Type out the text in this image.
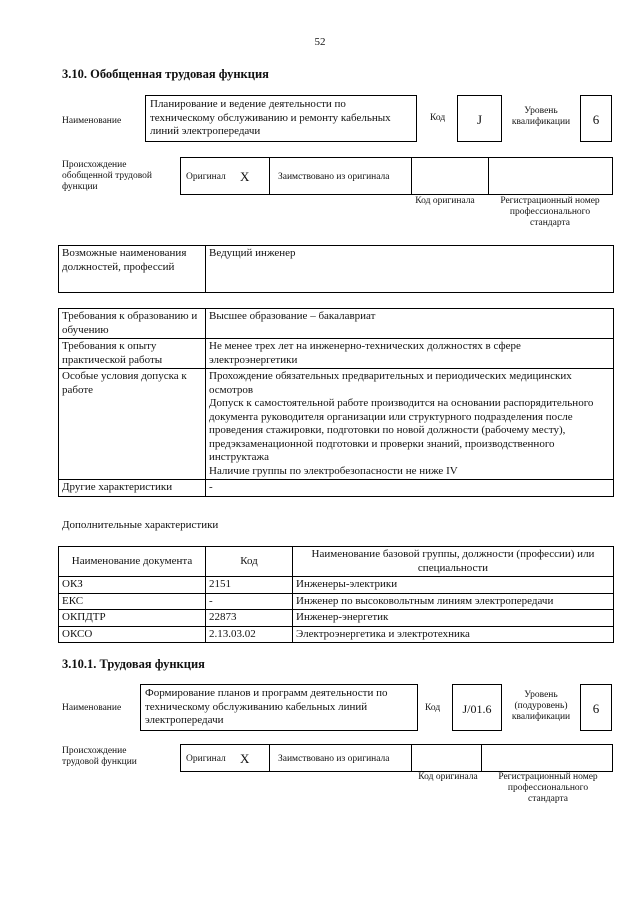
52
3.10. Обобщенная трудовая функция
Наименование
Планирование и ведение деятельности по техническому обслуживанию и ремонту кабельных линий электропередачи
Код	J
Уровень квалификации	6
Происхождение обобщенной трудовой функции
Оригинал X	Заимствовано из оригинала
Код оригинала	Регистрационный номер профессионального стандарта
Возможные наименования должностей, профессий	Ведущий инженер
Требования к образованию и обучению	Высшее образование – бакалавриат
Требования к опыту практической работы	Не менее трех лет на инженерно-технических должностях в сфере электроэнергетики
Особые условия допуска к работе	Прохождение обязательных предварительных и периодических медицинских осмотров
Допуск к самостоятельной работе производится на основании распорядительного документа руководителя организации или структурного подразделения после проведения стажировки, подготовки по новой должности (рабочему месту), предэкзаменационной подготовки и проверки знаний, производственного инструктажа
Наличие группы по электробезопасности не ниже IV
Другие характеристики	-
Дополнительные характеристики
Наименование документа	Код	Наименование базовой группы, должности (профессии) или специальности
ОКЗ	2151	Инженеры-электрики
ЕКС	-	Инженер по высоковольтным линиям электропередачи
ОКПДТР	22873	Инженер-энергетик
ОКСО	2.13.03.02	Электроэнергетика и электротехника
3.10.1. Трудовая функция
Наименование
Формирование планов и программ деятельности по техническому обслуживанию кабельных линий электропередачи
Код	J/01.6
Уровень (подуровень) квалификации
6
Происхождение трудовой функции	Оригинал X	Заимствовано из оригинала
Код оригинала	Регистрационный номер профессионального стандарта
